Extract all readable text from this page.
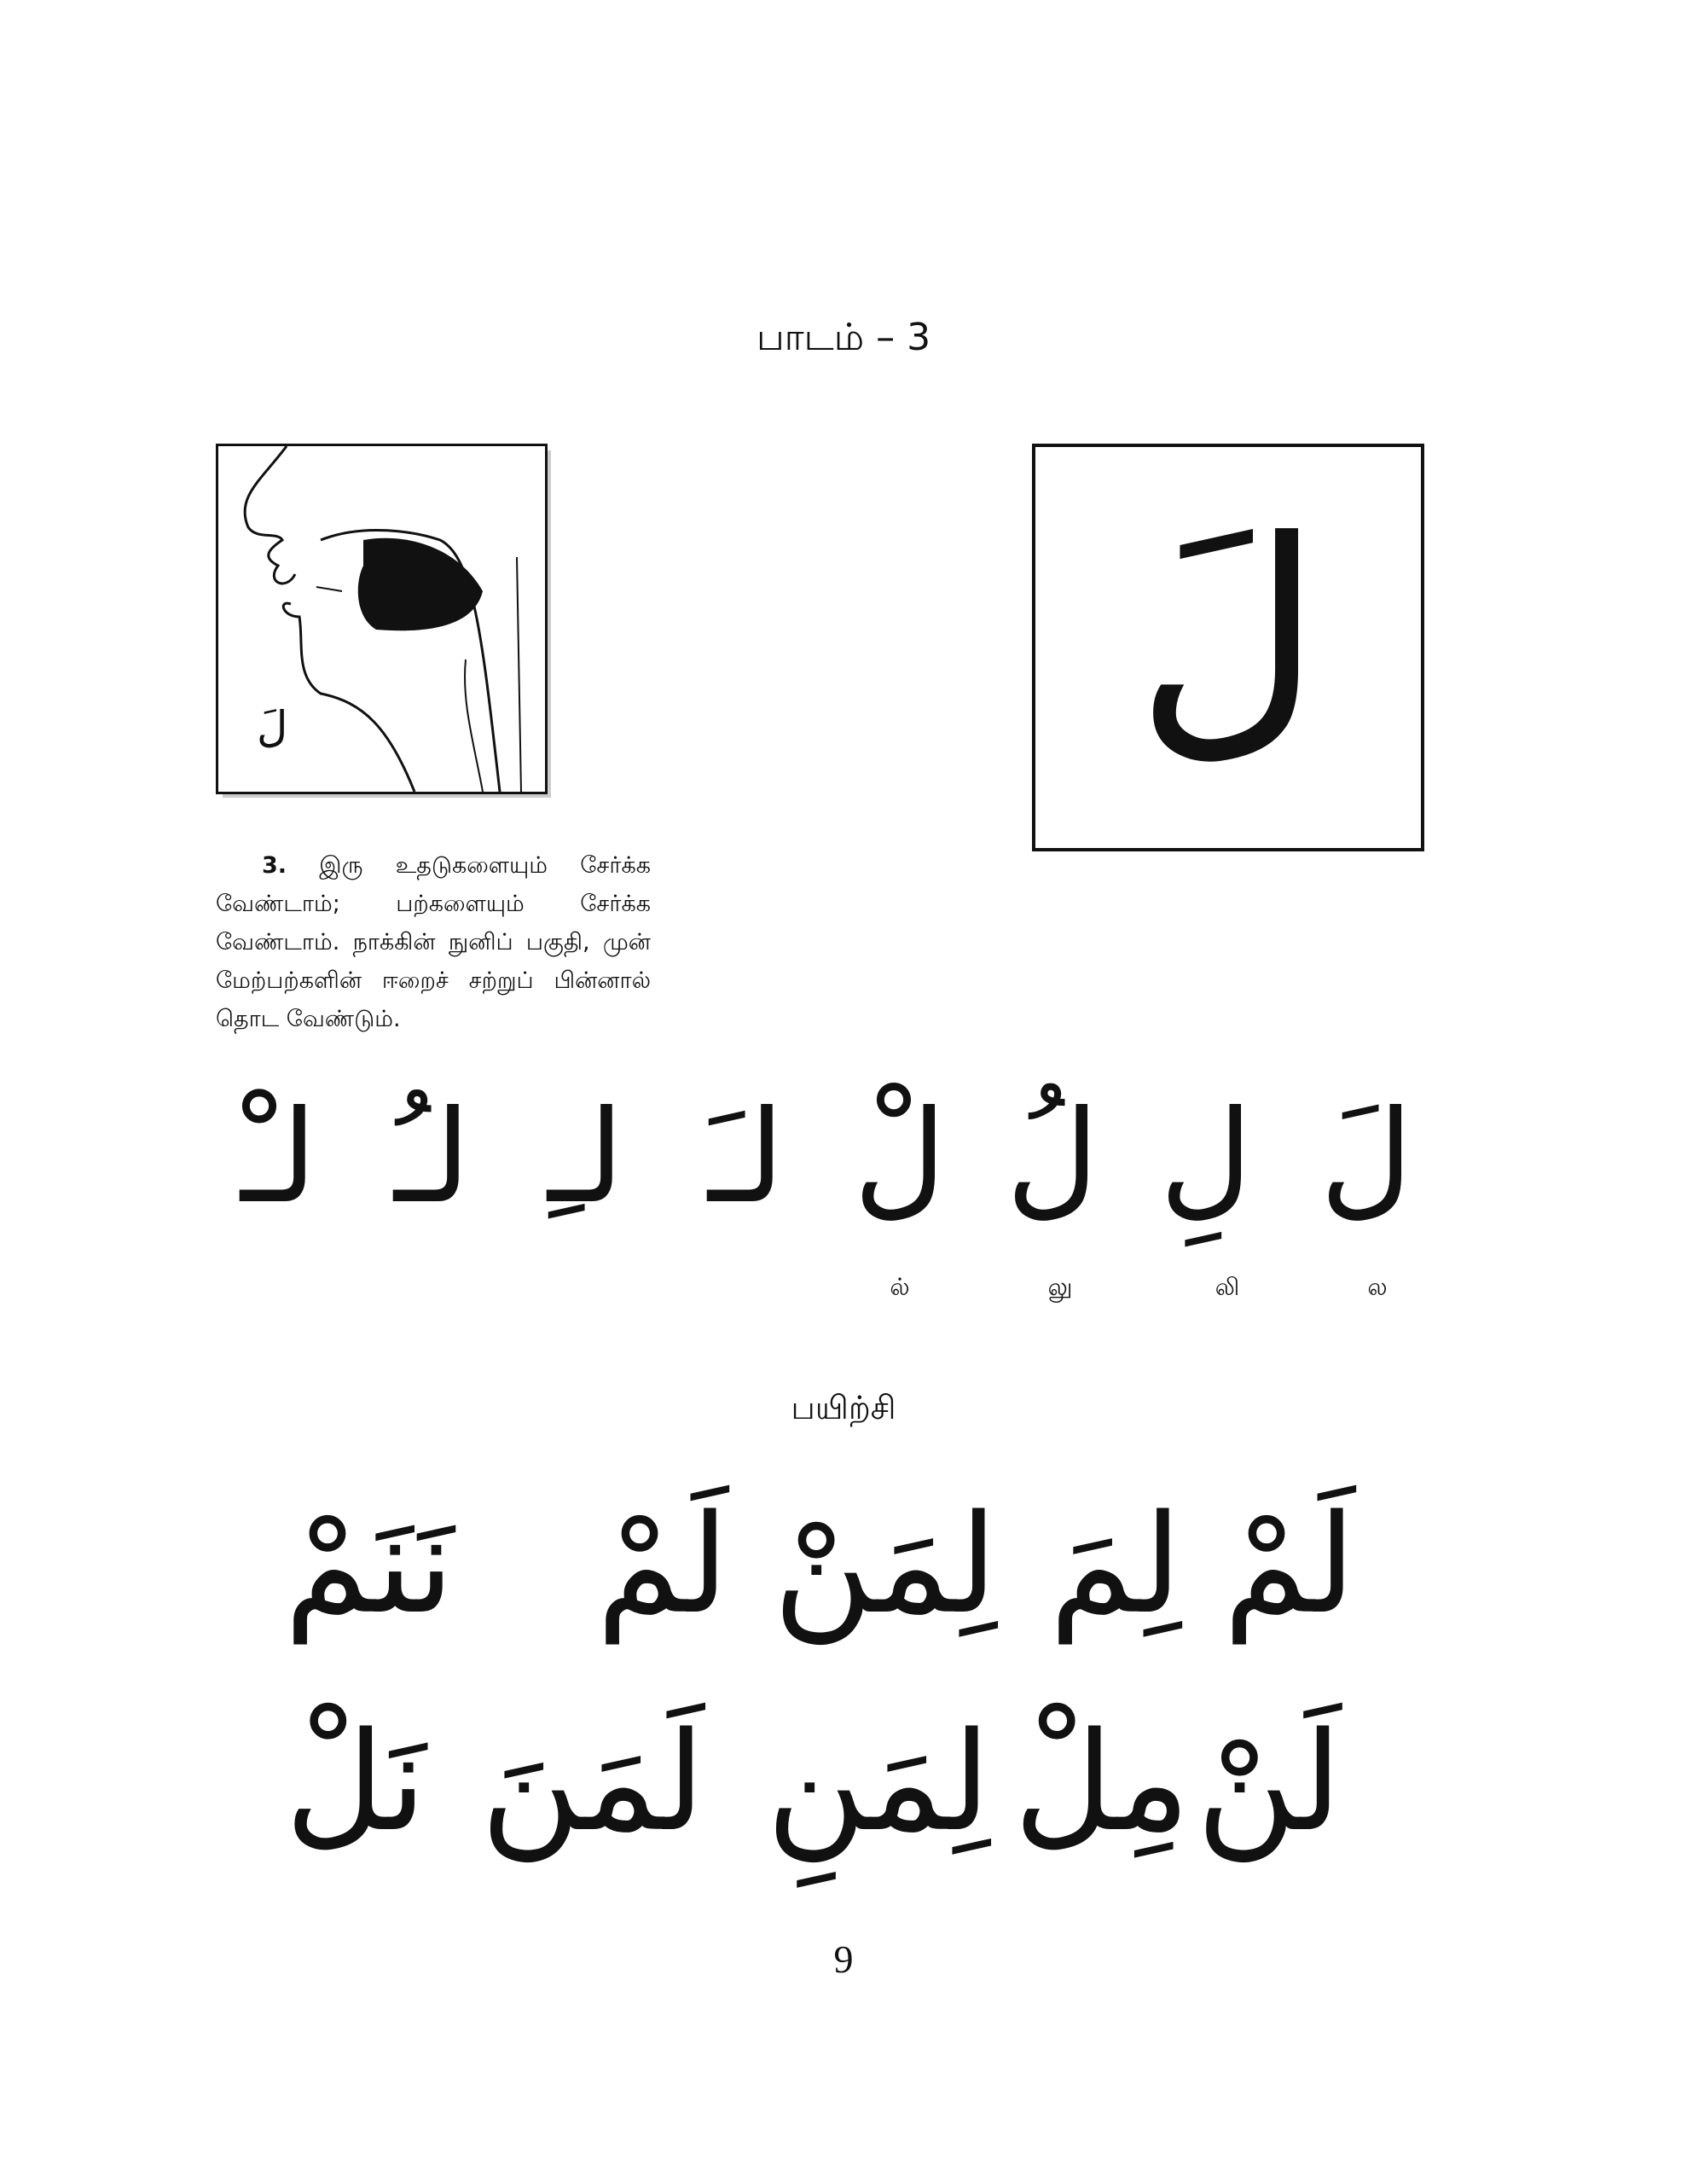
பாடம் – 3
لَ	لَ
  3. இரு உதடுகளையும் சேர்க்க வேண்டாம்; பற்களையும் சேர்க்க வேண்டாம். நாக்கின் நுனிப் பகுதி, முன் மேற்பற்களின் ஈறைச் சற்றுப் பின்னால் தொட வேண்டும்.
لَ
لِ
لُ
لْ
لـَ
لـِ
لـُ
لـْ
ல
லி
லு
ல்
பயிற்சி
لَمْ
لِمَ
لِمَنْ
لَمْ
نَنَمْ
لَنْ
مِلْ
لِمَنِ
لَمَنَ
نَلْ
9
